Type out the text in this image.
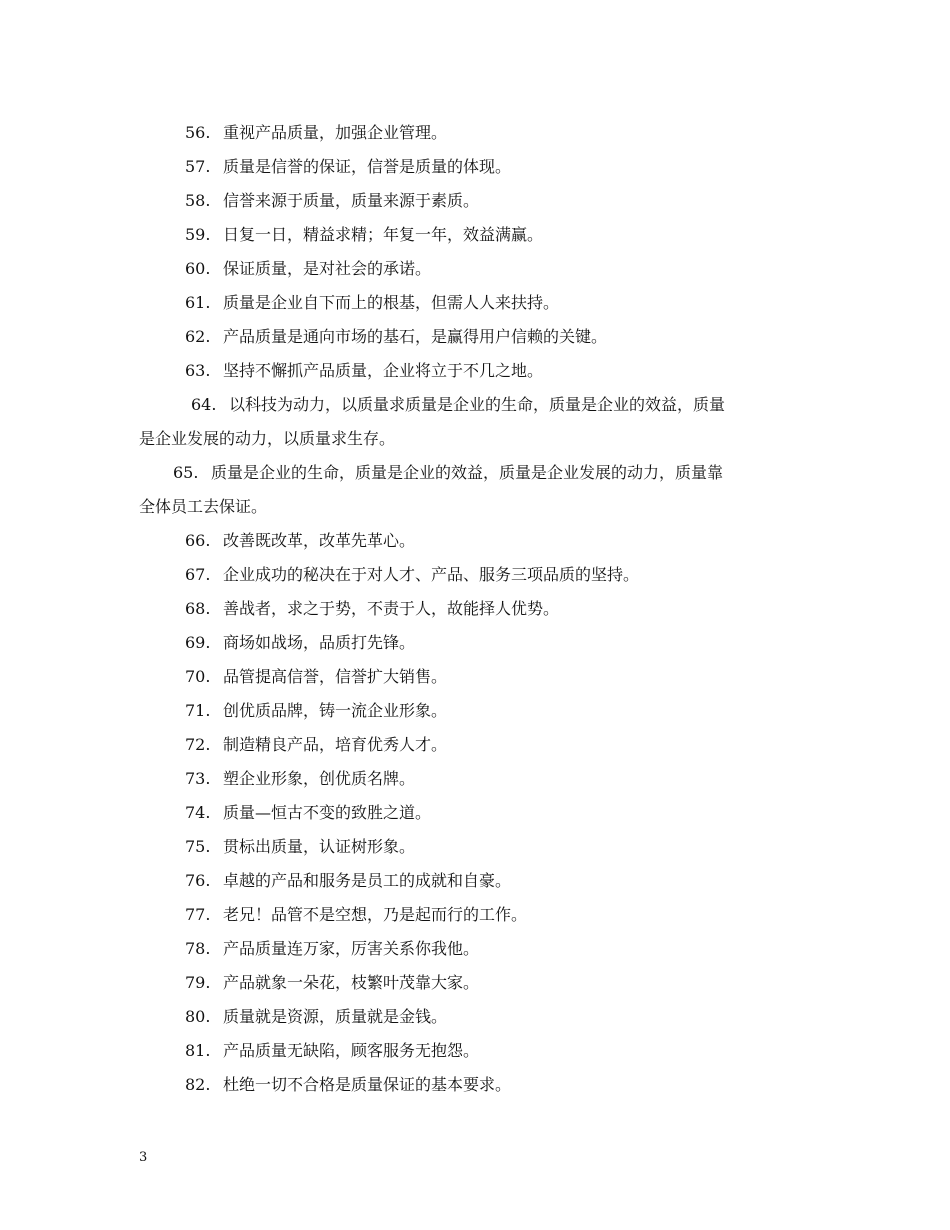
56. 重视产品质量，加强企业管理。
57. 质量是信誉的保证，信誉是质量的体现。
58. 信誉来源于质量，质量来源于素质。
59. 日复一日，精益求精；年复一年，效益满赢。
60. 保证质量，是对社会的承诺。
61. 质量是企业自下而上的根基，但需人人来扶持。
62. 产品质量是通向市场的基石，是赢得用户信赖的关键。
63. 坚持不懈抓产品质量，企业将立于不几之地。
64. 以科技为动力，以质量求质量是企业的生命，质量是企业的效益，质量
是企业发展的动力，以质量求生存。
65. 质量是企业的生命，质量是企业的效益，质量是企业发展的动力，质量靠
全体员工去保证。
66. 改善既改革，改革先革心。
67. 企业成功的秘决在于对人才、产品、服务三项品质的坚持。
68. 善战者，求之于势，不责于人，故能择人优势。
69. 商场如战场，品质打先锋。
70. 品管提高信誉，信誉扩大销售。
71. 创优质品牌，铸一流企业形象。
72. 制造精良产品，培育优秀人才。
73. 塑企业形象，创优质名牌。
74. 质量—恒古不变的致胜之道。
75. 贯标出质量，认证树形象。
76. 卓越的产品和服务是员工的成就和自豪。
77. 老兄！品管不是空想，乃是起而行的工作。
78. 产品质量连万家，厉害关系你我他。
79. 产品就象一朵花，枝繁叶茂靠大家。
80. 质量就是资源，质量就是金钱。
81. 产品质量无缺陷，顾客服务无抱怨。
82. 杜绝一切不合格是质量保证的基本要求。
3
